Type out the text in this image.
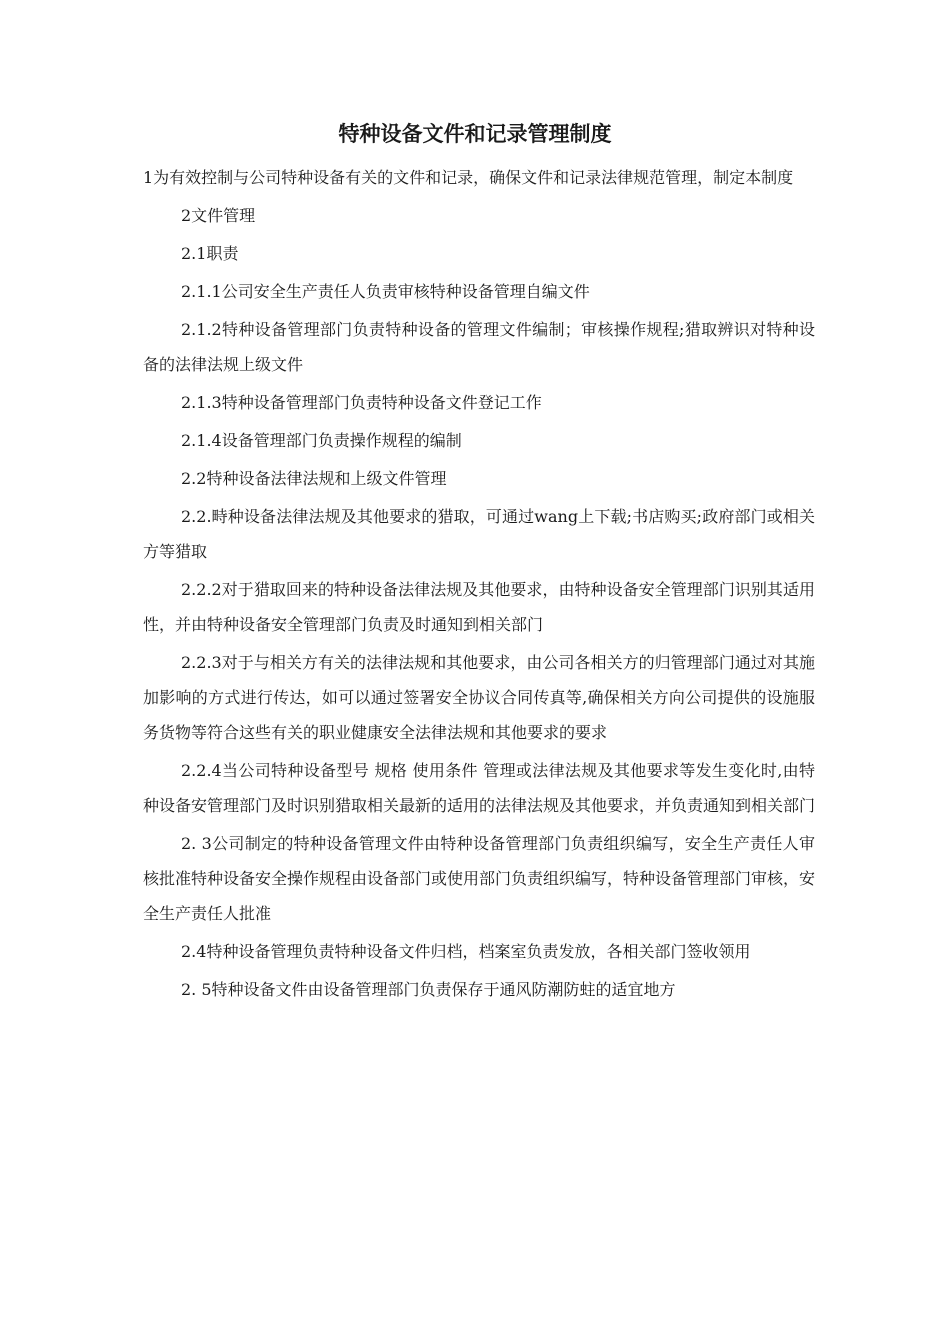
特种设备文件和记录管理制度

1为有效控制与公司特种设备有关的文件和记录，确保文件和记录法律规范管理，制定本制度

2文件管理

2.1职责

2.1.1公司安全生产责任人负责审核特种设备管理自编文件

2.1.2特种设备管理部门负责特种设备的管理文件编制；审核操作规程;猎取辨识对特种设备的法律法规上级文件

2.1.3特种设备管理部门负责特种设备文件登记工作

2.1.4设备管理部门负责操作规程的编制

2.2特种设备法律法规和上级文件管理

2.2.畤种设备法律法规及其他要求的猎取，可通过wang上下载;书店购买;政府部门或相关方等猎取

2.2.2对于猎取回来的特种设备法律法规及其他要求，由特种设备安全管理部门识别其适用性，并由特种设备安全管理部门负责及时通知到相关部门

2.2.3对于与相关方有关的法律法规和其他要求，由公司各相关方的归管理部门通过对其施加影响的方式进行传达，如可以通过签署安全协议合同传真等,确保相关方向公司提供的设施服务货物等符合这些有关的职业健康安全法律法规和其他要求的要求

2.2.4当公司特种设备型号 规格 使用条件 管理或法律法规及其他要求等发生变化时,由特种设备安管理部门及时识别猎取相关最新的适用的法律法规及其他要求，并负责通知到相关部门

2. 3公司制定的特种设备管理文件由特种设备管理部门负责组织编写，安全生产责任人审核批准特种设备安全操作规程由设备部门或使用部门负责组织编写，特种设备管理部门审核，安全生产责任人批准

2.4特种设备管理负责特种设备文件归档，档案室负责发放，各相关部门签收领用

2. 5特种设备文件由设备管理部门负责保存于通风防潮防蛀的适宜地方
